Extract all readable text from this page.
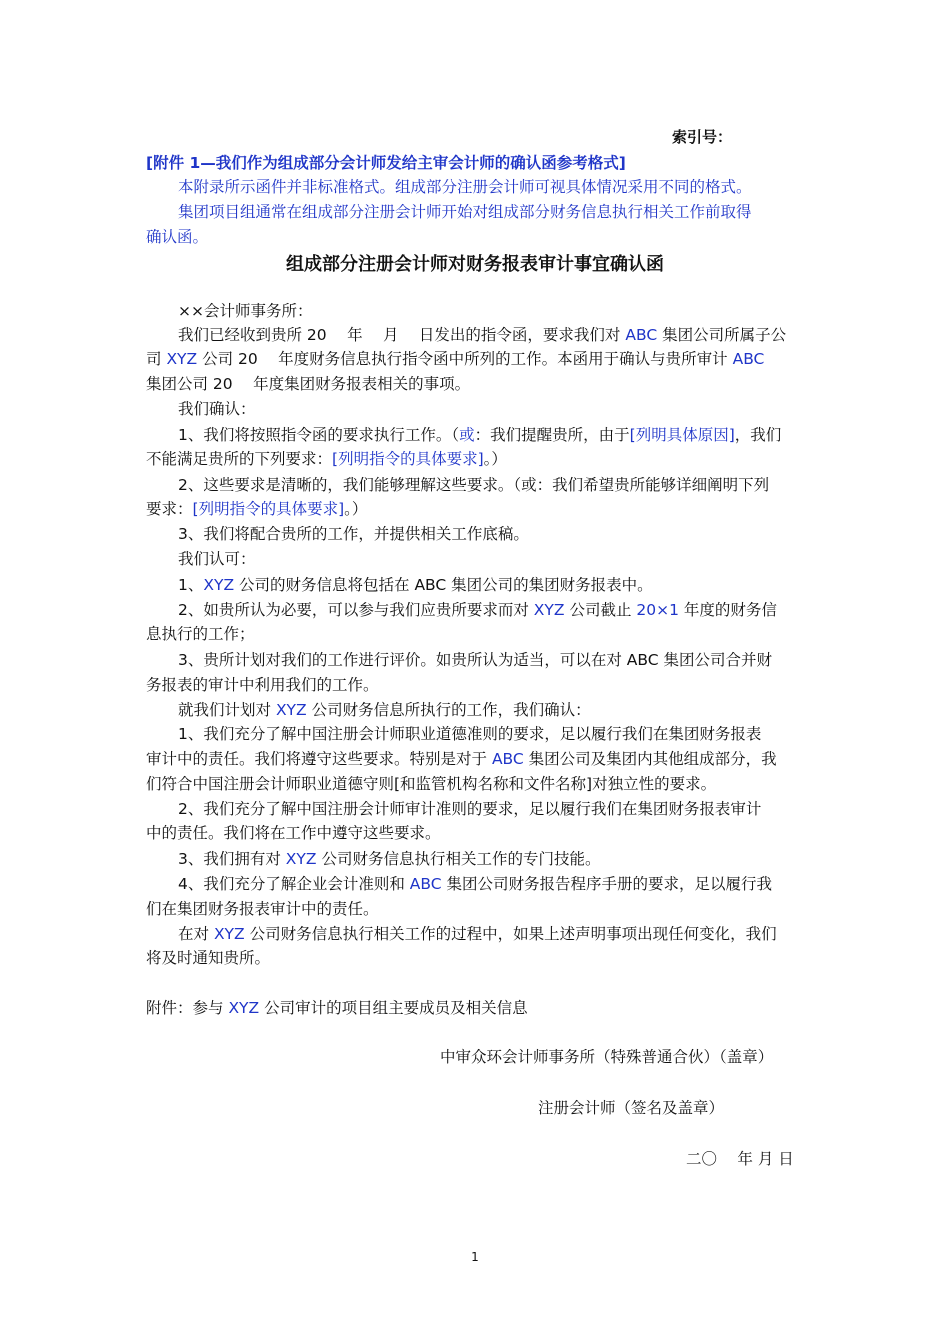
索引号：
[附件 1—我们作为组成部分会计师发给主审会计师的确认函参考格式]
本附录所示函件并非标准格式。组成部分注册会计师可视具体情况采用不同的格式。
集团项目组通常在组成部分注册会计师开始对组成部分财务信息执行相关工作前取得
确认函。
组成部分注册会计师对财务报表审计事宜确认函
××会计师事务所：
我们已经收到贵所 20　 年　 月　 日发出的指令函，要求我们对 ABC 集团公司所属子公
司 XYZ 公司 20　 年度财务信息执行指令函中所列的工作。本函用于确认与贵所审计 ABC
集团公司 20　 年度集团财务报表相关的事项。
我们确认：
1、我们将按照指令函的要求执行工作。（或：我们提醒贵所，由于[列明具体原因]，我们
不能满足贵所的下列要求：[列明指令的具体要求]。）
2、这些要求是清晰的，我们能够理解这些要求。（或：我们希望贵所能够详细阐明下列
要求：[列明指令的具体要求]。）
3、我们将配合贵所的工作，并提供相关工作底稿。
我们认可：
1、XYZ 公司的财务信息将包括在 ABC 集团公司的集团财务报表中。
2、如贵所认为必要，可以参与我们应贵所要求而对 XYZ 公司截止 20×1 年度的财务信
息执行的工作；
3、贵所计划对我们的工作进行评价。如贵所认为适当，可以在对 ABC 集团公司合并财
务报表的审计中利用我们的工作。
就我们计划对 XYZ 公司财务信息所执行的工作，我们确认：
1、我们充分了解中国注册会计师职业道德准则的要求，足以履行我们在集团财务报表
审计中的责任。我们将遵守这些要求。特别是对于 ABC 集团公司及集团内其他组成部分，我
们符合中国注册会计师职业道德守则[和监管机构名称和文件名称]对独立性的要求。
2、我们充分了解中国注册会计师审计准则的要求，足以履行我们在集团财务报表审计
中的责任。我们将在工作中遵守这些要求。
3、我们拥有对 XYZ 公司财务信息执行相关工作的专门技能。
4、我们充分了解企业会计准则和 ABC 集团公司财务报告程序手册的要求，足以履行我
们在集团财务报表审计中的责任。
在对 XYZ 公司财务信息执行相关工作的过程中，如果上述声明事项出现任何变化，我们
将及时通知贵所。
附件：参与 XYZ 公司审计的项目组主要成员及相关信息
中审众环会计师事务所（特殊普通合伙）（盖章）
注册会计师（签名及盖章）
二〇　 年 月 日
1
